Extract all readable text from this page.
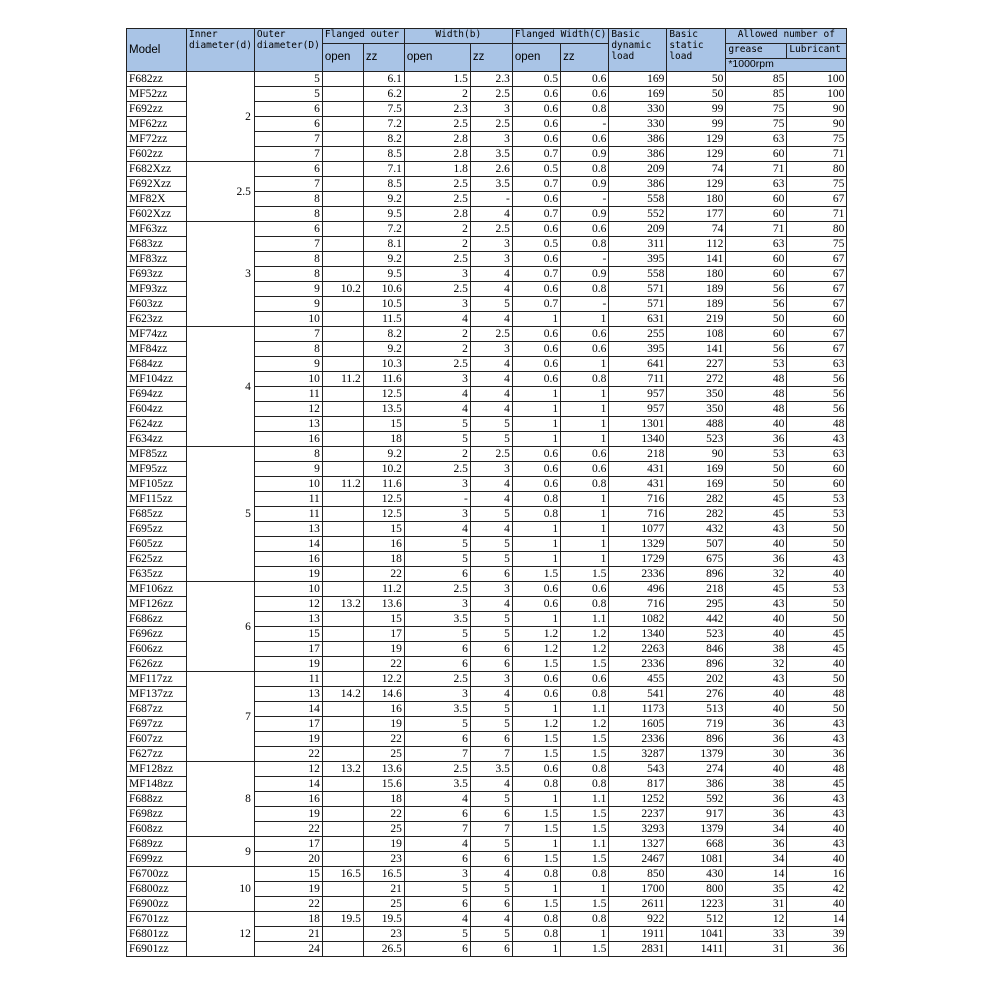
Model	Inner diameter(d)	Outer diameter(D)	Flanged outer		Width(b)		Flanged Width(C)		Basic dynamic load	Basic static load	Allowed number of	
			open	zz	open	zz	open	zz			grease	Lubricant
											*1000rpm	
F682zz	2	5		6.1	1.5	2.3	0.5	0.6	169	50	85	100
MF52zz		5		6.2	2	2.5	0.6	0.6	169	50	85	100
F692zz		6		7.5	2.3	3	0.6	0.8	330	99	75	90
MF62zz		6		7.2	2.5	2.5	0.6	-	330	99	75	90
MF72zz		7		8.2	2.8	3	0.6	0.6	386	129	63	75
F602zz		7		8.5	2.8	3.5	0.7	0.9	386	129	60	71
F682Xzz	2.5	6		7.1	1.8	2.6	0.5	0.8	209	74	71	80
F692Xzz		7		8.5	2.5	3.5	0.7	0.9	386	129	63	75
MF82X		8		9.2	2.5	-	0.6	-	558	180	60	67
F602Xzz		8		9.5	2.8	4	0.7	0.9	552	177	60	71
MF63zz	3	6		7.2	2	2.5	0.6	0.6	209	74	71	80
F683zz		7		8.1	2	3	0.5	0.8	311	112	63	75
MF83zz		8		9.2	2.5	3	0.6	-	395	141	60	67
F693zz		8		9.5	3	4	0.7	0.9	558	180	60	67
MF93zz		9	10.2	10.6	2.5	4	0.6	0.8	571	189	56	67
F603zz		9		10.5	3	5	0.7	-	571	189	56	67
F623zz		10		11.5	4	4	1	1	631	219	50	60
MF74zz	4	7		8.2	2	2.5	0.6	0.6	255	108	60	67
MF84zz		8		9.2	2	3	0.6	0.6	395	141	56	67
F684zz		9		10.3	2.5	4	0.6	1	641	227	53	63
MF104zz		10	11.2	11.6	3	4	0.6	0.8	711	272	48	56
F694zz		11		12.5	4	4	1	1	957	350	48	56
F604zz		12		13.5	4	4	1	1	957	350	48	56
F624zz		13		15	5	5	1	1	1301	488	40	48
F634zz		16		18	5	5	1	1	1340	523	36	43
MF85zz	5	8		9.2	2	2.5	0.6	0.6	218	90	53	63
MF95zz		9		10.2	2.5	3	0.6	0.6	431	169	50	60
MF105zz		10	11.2	11.6	3	4	0.6	0.8	431	169	50	60
MF115zz		11		12.5	-	4	0.8	1	716	282	45	53
F685zz		11		12.5	3	5	0.8	1	716	282	45	53
F695zz		13		15	4	4	1	1	1077	432	43	50
F605zz		14		16	5	5	1	1	1329	507	40	50
F625zz		16		18	5	5	1	1	1729	675	36	43
F635zz		19		22	6	6	1.5	1.5	2336	896	32	40
MF106zz	6	10		11.2	2.5	3	0.6	0.6	496	218	45	53
MF126zz		12	13.2	13.6	3	4	0.6	0.8	716	295	43	50
F686zz		13		15	3.5	5	1	1.1	1082	442	40	50
F696zz		15		17	5	5	1.2	1.2	1340	523	40	45
F606zz		17		19	6	6	1.2	1.2	2263	846	38	45
F626zz		19		22	6	6	1.5	1.5	2336	896	32	40
MF117zz	7	11		12.2	2.5	3	0.6	0.6	455	202	43	50
MF137zz		13	14.2	14.6	3	4	0.6	0.8	541	276	40	48
F687zz		14		16	3.5	5	1	1.1	1173	513	40	50
F697zz		17		19	5	5	1.2	1.2	1605	719	36	43
F607zz		19		22	6	6	1.5	1.5	2336	896	36	43
F627zz		22		25	7	7	1.5	1.5	3287	1379	30	36
MF128zz	8	12	13.2	13.6	2.5	3.5	0.6	0.8	543	274	40	48
MF148zz		14		15.6	3.5	4	0.8	0.8	817	386	38	45
F688zz		16		18	4	5	1	1.1	1252	592	36	43
F698zz		19		22	6	6	1.5	1.5	2237	917	36	43
F608zz		22		25	7	7	1.5	1.5	3293	1379	34	40
F689zz	9	17		19	4	5	1	1.1	1327	668	36	43
F699zz		20		23	6	6	1.5	1.5	2467	1081	34	40
F6700zz	10	15	16.5	16.5	3	4	0.8	0.8	850	430	14	16
F6800zz		19		21	5	5	1	1	1700	800	35	42
F6900zz		22		25	6	6	1.5	1.5	2611	1223	31	40
F6701zz	12	18	19.5	19.5	4	4	0.8	0.8	922	512	12	14
F6801zz		21		23	5	5	0.8	1	1911	1041	33	39
F6901zz		24		26.5	6	6	1	1.5	2831	1411	31	36
